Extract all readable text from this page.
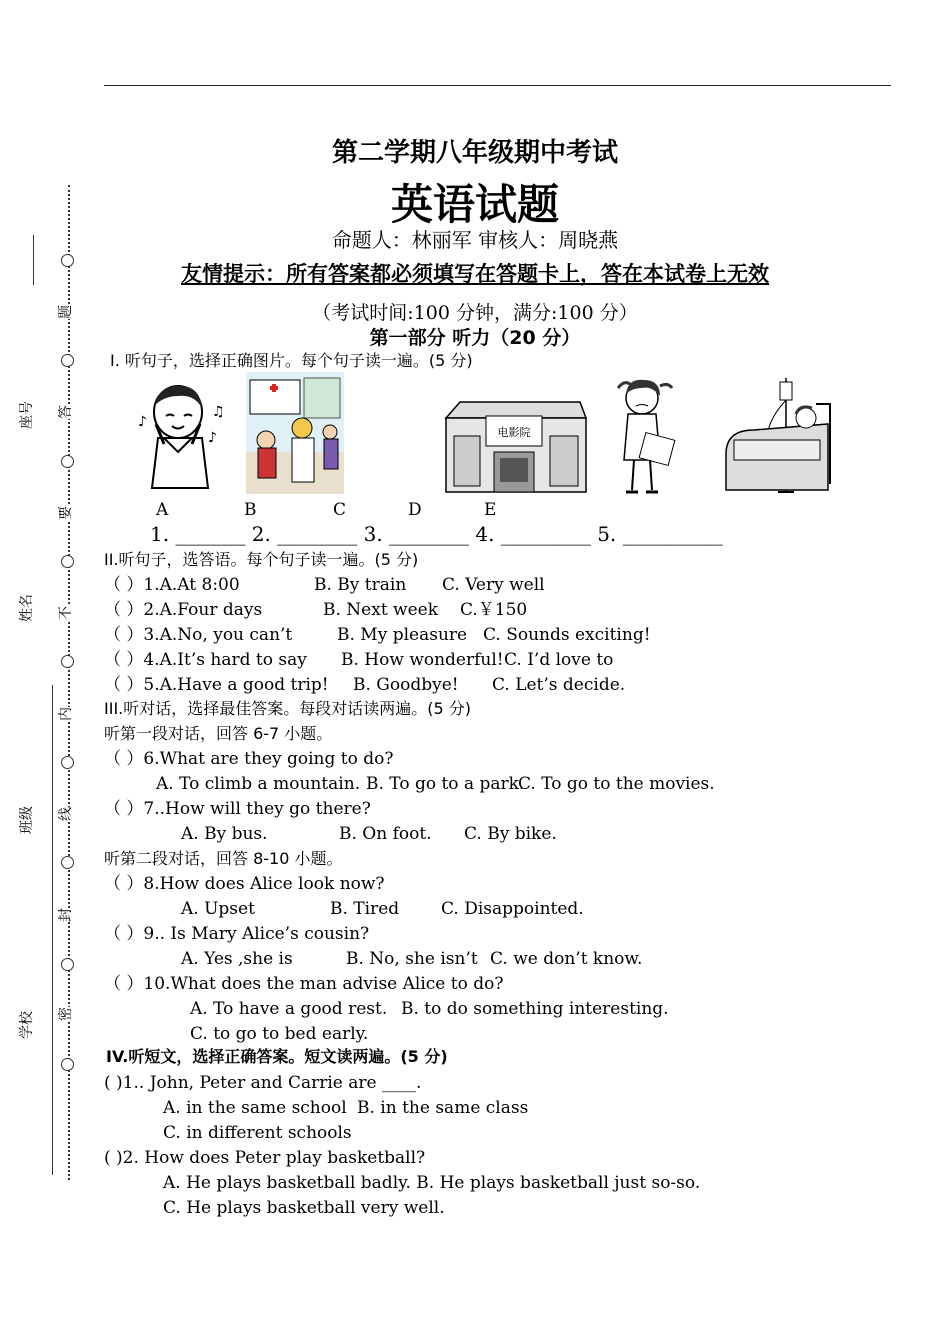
题
答
要
不
内
线
封
密
座号
姓名
班级
学校
第二学期八年级期中考试
英语试题
命题人：林丽军 审核人：周晓燕
友情提示：所有答案都必须填写在答题卡上，答在本试卷上无效
（考试时间:100 分钟，满分:100 分）
第一部分 听力（20 分）
Ⅰ. 听句子，选择正确图片。每个句子读一遍。(5 分)
♪
♫
♪	电影院
A	B	C	D	E
1. _______ 2. ________ 3. ________ 4. _________ 5. __________
II.听句子，选答语。每个句子读一遍。(5 分)
（ ）1.A.At 8:00	B. By train C. Very well
（ ）2.A.Four days	B. Next week C.￥150
（ ）3.A.No, you can’t	B. My pleasure C. Sounds exciting!
（ ）4.A.It’s hard to say B. How wonderful! C. I’d love to
（ ）5.A.Have a good trip! B. Goodbye! C. Let’s decide.
III.听对话，选择最佳答案。每段对话读两遍。(5 分)
听第一段对话，回答 6-7 小题。
（ ）6.What are they going to do?
A. To climb a mountain. B. To go to a park.
C. To go to the movies.
（ ）7..How will they go there?
A. By bus.	B. On foot. C. By bike.
听第二段对话，回答 8-10 小题。
（ ）8.How does Alice look now?
A. Upset	B. Tired C. Disappointed.
（ ）9.. Is Mary Alice’s cousin?
A. Yes ,she is	B. No, she isn’t C. we don’t know.
（ ）10.What does the man advise Alice to do?
A. To have a good rest. B. to do something interesting.
C. to go to bed early.
IV.听短文，选择正确答案。短文读两遍。(5 分)
( )1.. John, Peter and Carrie are ____.
A. in the same school B. in the same class
C. in different schools
( )2. How does Peter play basketball?
A. He plays basketball badly. B. He plays basketball just so-so.
C. He plays basketball very well.
